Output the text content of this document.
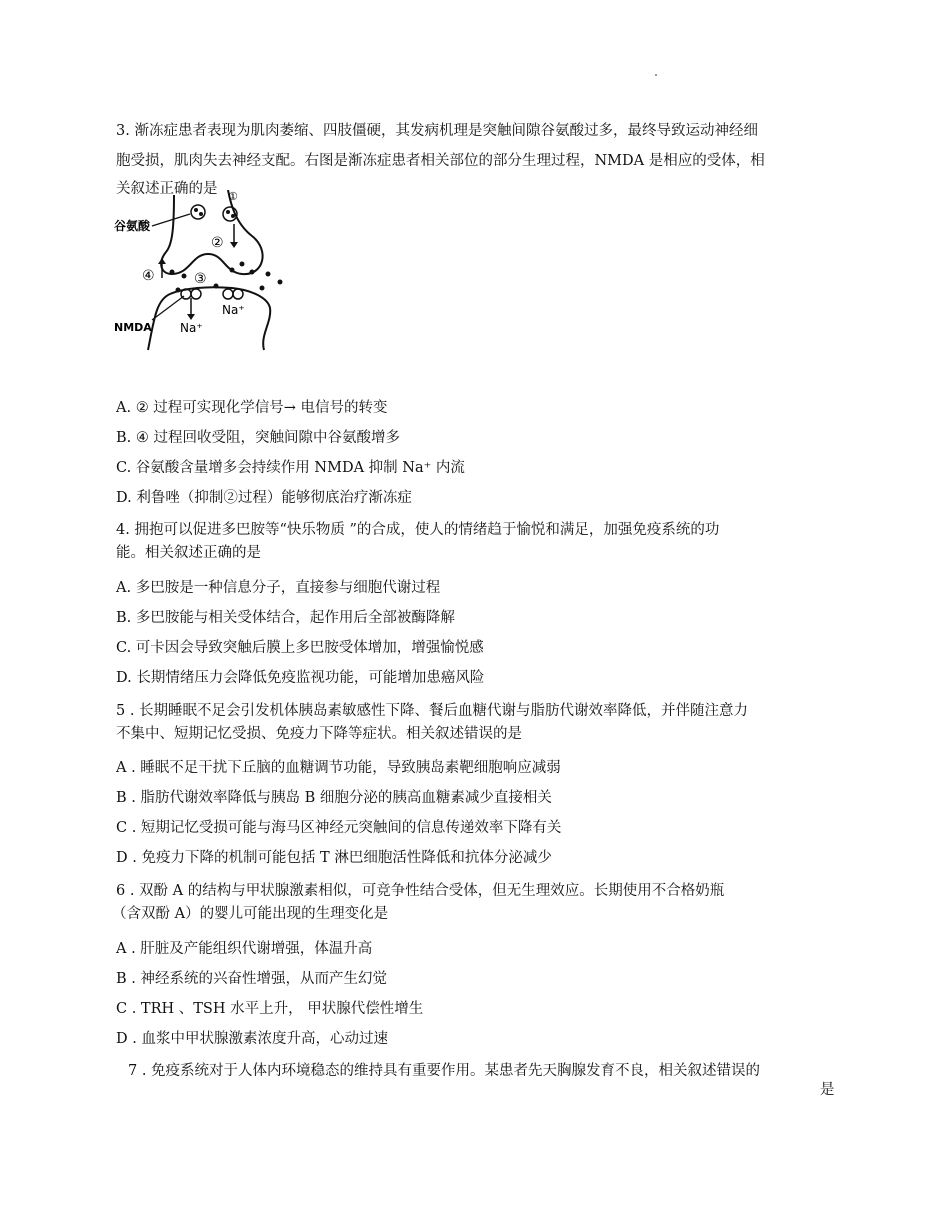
3. 渐冻症患者表现为肌肉萎缩、四肢僵硬，其发病机理是突触间隙谷氨酸过多，最终导致运动神经细
胞受损，肌肉失去神经支配。右图是渐冻症患者相关部位的部分生理过程，NMDA 是相应的受体，相
关叙述正确的是
谷氨酸
①
②
④	③
Na⁺
Na⁺
NMDA
A. ② 过程可实现化学信号→ 电信号的转变
B. ④ 过程回收受阻，突触间隙中谷氨酸增多
C. 谷氨酸含量增多会持续作用 NMDA 抑制 Na⁺ 内流
D. 利鲁唑（抑制②过程）能够彻底治疗渐冻症
4. 拥抱可以促进多巴胺等“快乐物质 ”的合成，使人的情绪趋于愉悦和满足，加强免疫系统的功
能。相关叙述正确的是
A. 多巴胺是一种信息分子，直接参与细胞代谢过程
B. 多巴胺能与相关受体结合，起作用后全部被酶降解
C. 可卡因会导致突触后膜上多巴胺受体增加，增强愉悦感
D. 长期情绪压力会降低免疫监视功能，可能增加患癌风险
5 . 长期睡眠不足会引发机体胰岛素敏感性下降、餐后血糖代谢与脂肪代谢效率降低，并伴随注意力
不集中、短期记忆受损、免疫力下降等症状。相关叙述错误的是
A . 睡眠不足干扰下丘脑的血糖调节功能，导致胰岛素靶细胞响应减弱
B . 脂肪代谢效率降低与胰岛 B 细胞分泌的胰高血糖素减少直接相关
C . 短期记忆受损可能与海马区神经元突触间的信息传递效率下降有关
D . 免疫力下降的机制可能包括 T 淋巴细胞活性降低和抗体分泌减少
6 . 双酚 A 的结构与甲状腺激素相似，可竞争性结合受体，但无生理效应。长期使用不合格奶瓶
（含双酚 A）的婴儿可能出现的生理变化是
A . 肝脏及产能组织代谢增强，体温升高
B . 神经系统的兴奋性增强，从而产生幻觉
C . TRH 、TSH 水平上升， 甲状腺代偿性增生
D . 血浆中甲状腺激素浓度升高，心动过速
7 . 免疫系统对于人体内环境稳态的维持具有重要作用。某患者先天胸腺发育不良，相关叙述错误的
是
